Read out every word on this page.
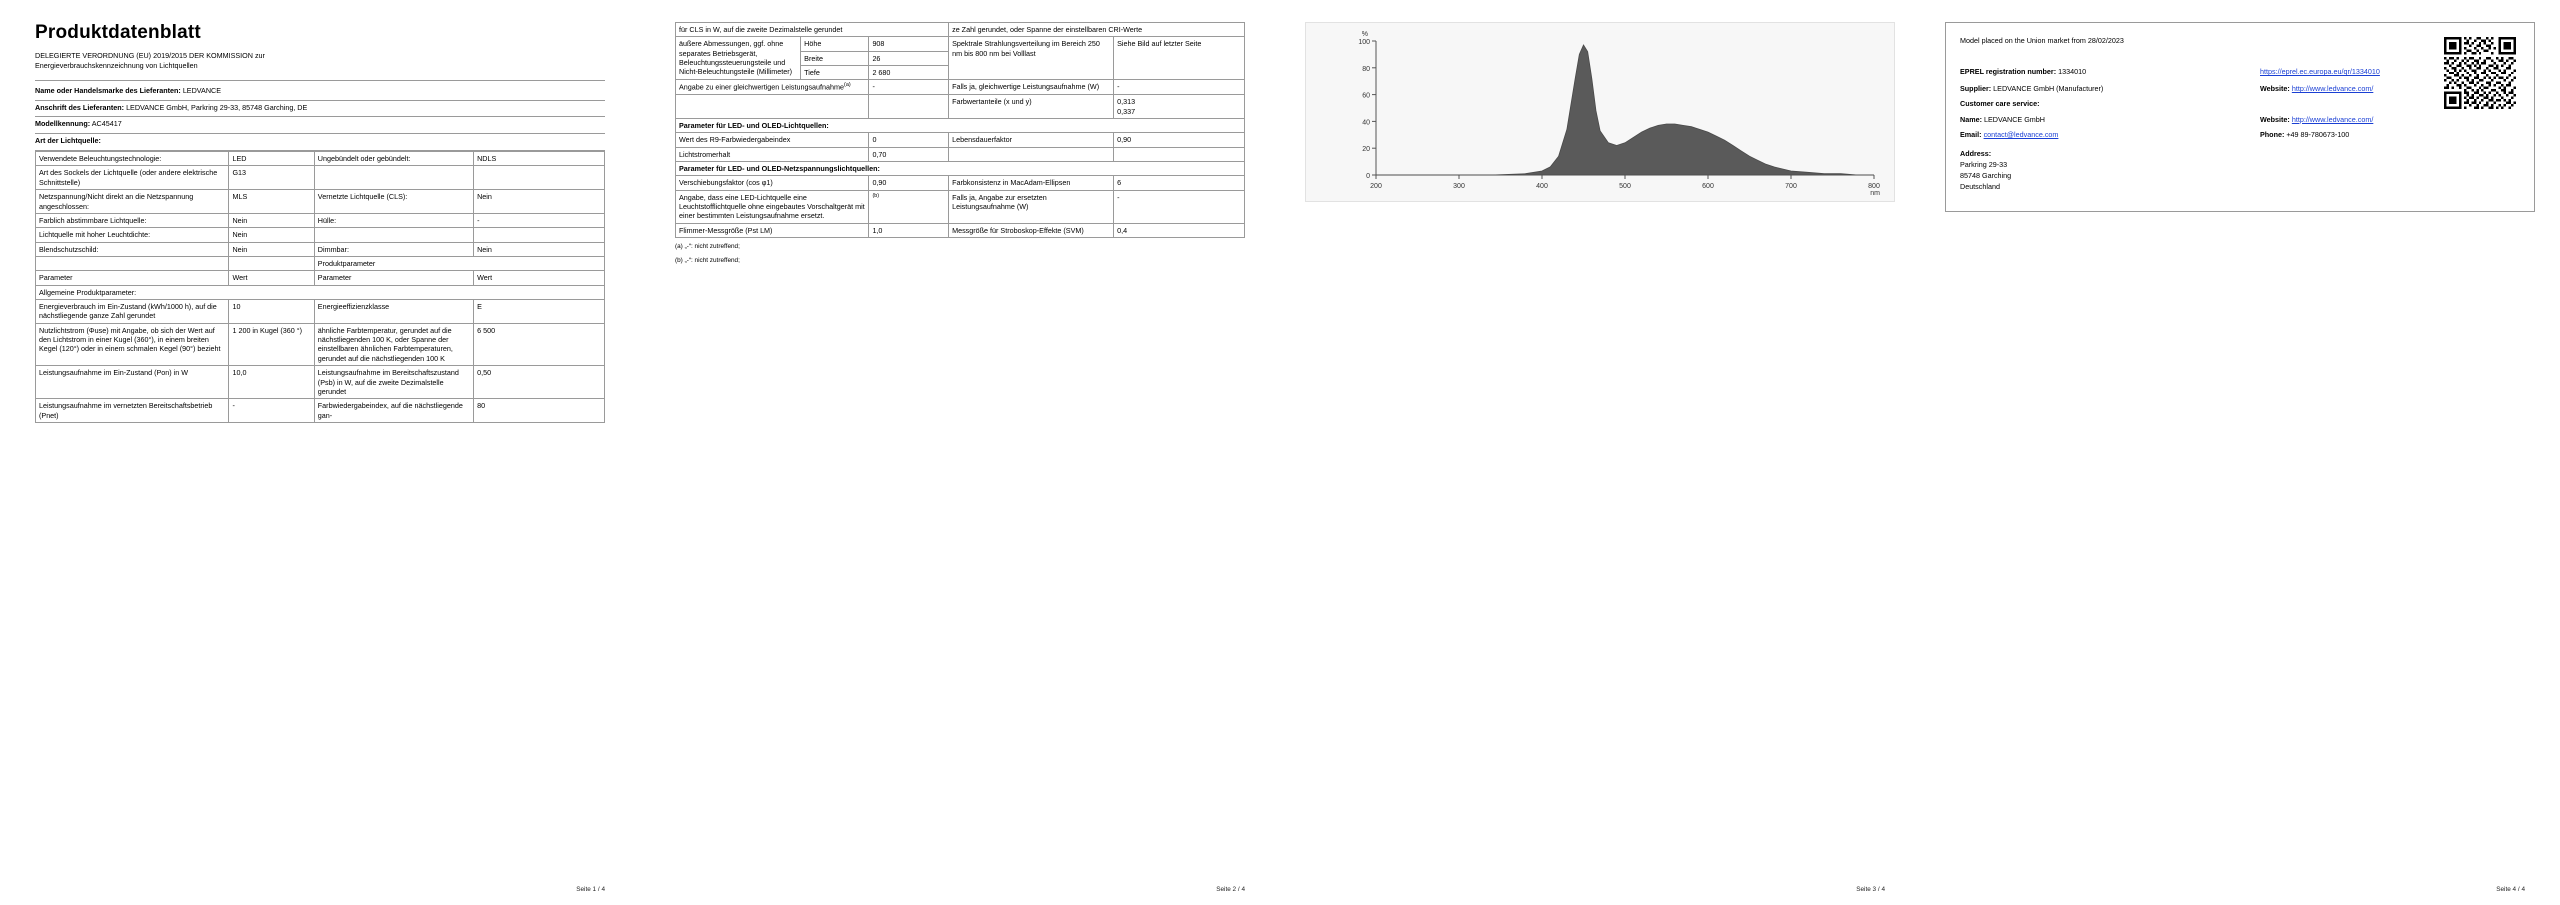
Produktdatenblatt
DELEGIERTE VERORDNUNG (EU) 2019/2015 DER KOMMISSION zur Energieverbrauchskennzeichnung von Lichtquellen
Name oder Handelsmarke des Lieferanten: LEDVANCE
Anschrift des Lieferanten: LEDVANCE GmbH, Parkring 29-33, 85748 Garching, DE
Modellkennung: AC45417
Art der Lichtquelle:
Verwendete Beleuchtungstechnologie:	LED	Ungebündelt oder gebündelt:	NDLS
Art des Sockels der Lichtquelle (oder andere elektrische Schnittstelle)	G13		
Netzspannung/Nicht direkt an die Netzspannung angeschlossen:	MLS	Vernetzte Lichtquelle (CLS):	Nein
Farblich abstimmbare Lichtquelle:	Nein	Hülle:	-
Lichtquelle mit hoher Leuchtdichte:	Nein		
Blendschutzschild:	Nein	Dimmbar:	Nein
		Produktparameter	
Parameter	Wert	Parameter	Wert
Allgemeine Produktparameter:			
Energieverbrauch im Ein-Zustand (kWh/1000 h), auf die nächstliegende ganze Zahl gerundet	10	Energieeffizienzklasse	E
Nutzlichtstrom (Φuse) mit Angabe, ob sich der Wert auf den Lichtstrom in einer Kugel (360°), in einem breiten Kegel (120°) oder in einem schmalen Kegel (90°) bezieht	1 200 in Kugel (360 °)	ähnliche Farbtemperatur, gerundet auf die nächstliegenden 100 K, oder Spanne der einstellbaren ähnlichen Farbtemperaturen, gerundet auf die nächstliegenden 100 K	6 500
Leistungsaufnahme im Ein-Zustand (Pon) in W	10,0	Leistungsaufnahme im Bereitschaftszustand (Psb) in W, auf die zweite Dezimalstelle gerundet	0,50
Leistungsaufnahme im vernetzten Bereitschaftsbetrieb (Pnet)	-	Farbwiedergabeindex, auf die nächstliegende gan-	80
Seite 1 / 4
für CLS in W, auf die zweite Dezimalstelle gerundet			ze Zahl gerundet, oder Spanne der einstellbaren CRI-Werte	
äußere Abmessungen, ggf. ohne separates Betriebsgerät, Beleuchtungssteuerungsteile und Nicht-Beleuchtungsteile (Millimeter)	Höhe	908	Spektrale Strahlungsverteilung im Bereich 250 nm bis 800 nm bei Volllast	Siehe Bild auf letzter Seite
	Breite	26		
	Tiefe	2 680		
Angabe zu einer gleichwertigen Leistungsaufnahme$^{(a)}$		-	Falls ja, gleichwertige Leistungsaufnahme (W)	-
			Farbwertanteile (x und y)	0,313
0,337
Parameter für LED- und OLED-Lichtquellen:				
Wert des R9-Farbwiedergabeindex		0	Lebensdauerfaktor	0,90
Lichtstromerhalt		0,70		
Parameter für LED- und OLED-Netzspannungslichtquellen:				
Verschiebungsfaktor (cos φ1)		0,90	Farbkonsistenz in MacAdam-Ellipsen	6
Angabe, dass eine LED-Lichtquelle eine Leuchtstofflichtquelle ohne eingebautes Vorschaltgerät mit einer bestimmten Leistungsaufnahme ersetzt.		$^{(b)}$	Falls ja, Angabe zur ersetzten Leistungsaufnahme (W)	-
Flimmer-Messgröße (Pst LM)		1,0	Messgröße für Stroboskop-Effekte (SVM)	0,4
(a) „-“: nicht zutreffend;
(b) „-“: nicht zutreffend;
Seite 2 / 4
100
80
60
40
20
0
200	300	400	500	600	700	800
%
nm
Seite 3 / 4
Model placed on the Union market from 28/02/2023
EPREL registration number: 1334010	https://eprel.ec.europa.eu/qr/1334010
Supplier: LEDVANCE GmbH (Manufacturer)	Website: http://www.ledvance.com/
Customer care service:
Name: LEDVANCE GmbH	Website: http://www.ledvance.com/
Email: contact@ledvance.com	Phone: +49 89-780673-100
Address:
Parkring 29-33
85748 Garching
Deutschland
Seite 4 / 4
